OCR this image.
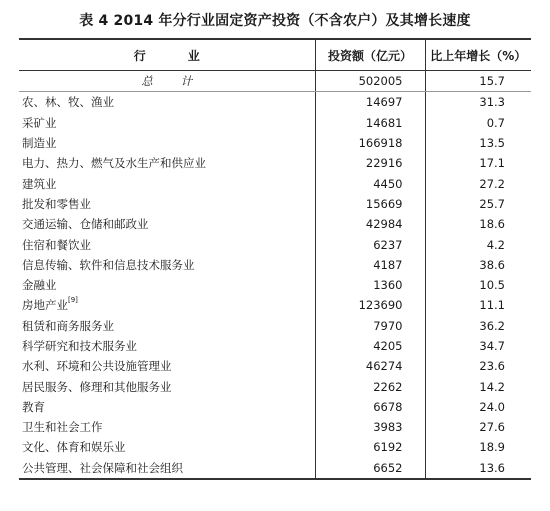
表 4 2014 年分行业固定资产投资（不含农户）及其增长速度
行业	投资额（亿元）	比上年增长（%）
总计	502005	15.7
农、林、牧、渔业	14697	31.3
采矿业	14681	0.7
制造业	166918	13.5
电力、热力、燃气及水生产和供应业	22916	17.1
建筑业	4450	27.2
批发和零售业	15669	25.7
交通运输、仓储和邮政业	42984	18.6
住宿和餐饮业	6237	4.2
信息传输、软件和信息技术服务业	4187	38.6
金融业	1360	10.5
房地产业[9]	123690	11.1
租赁和商务服务业	7970	36.2
科学研究和技术服务业	4205	34.7
水利、环境和公共设施管理业	46274	23.6
居民服务、修理和其他服务业	2262	14.2
教育	6678	24.0
卫生和社会工作	3983	27.6
文化、体育和娱乐业	6192	18.9
公共管理、社会保障和社会组织	6652	13.6
